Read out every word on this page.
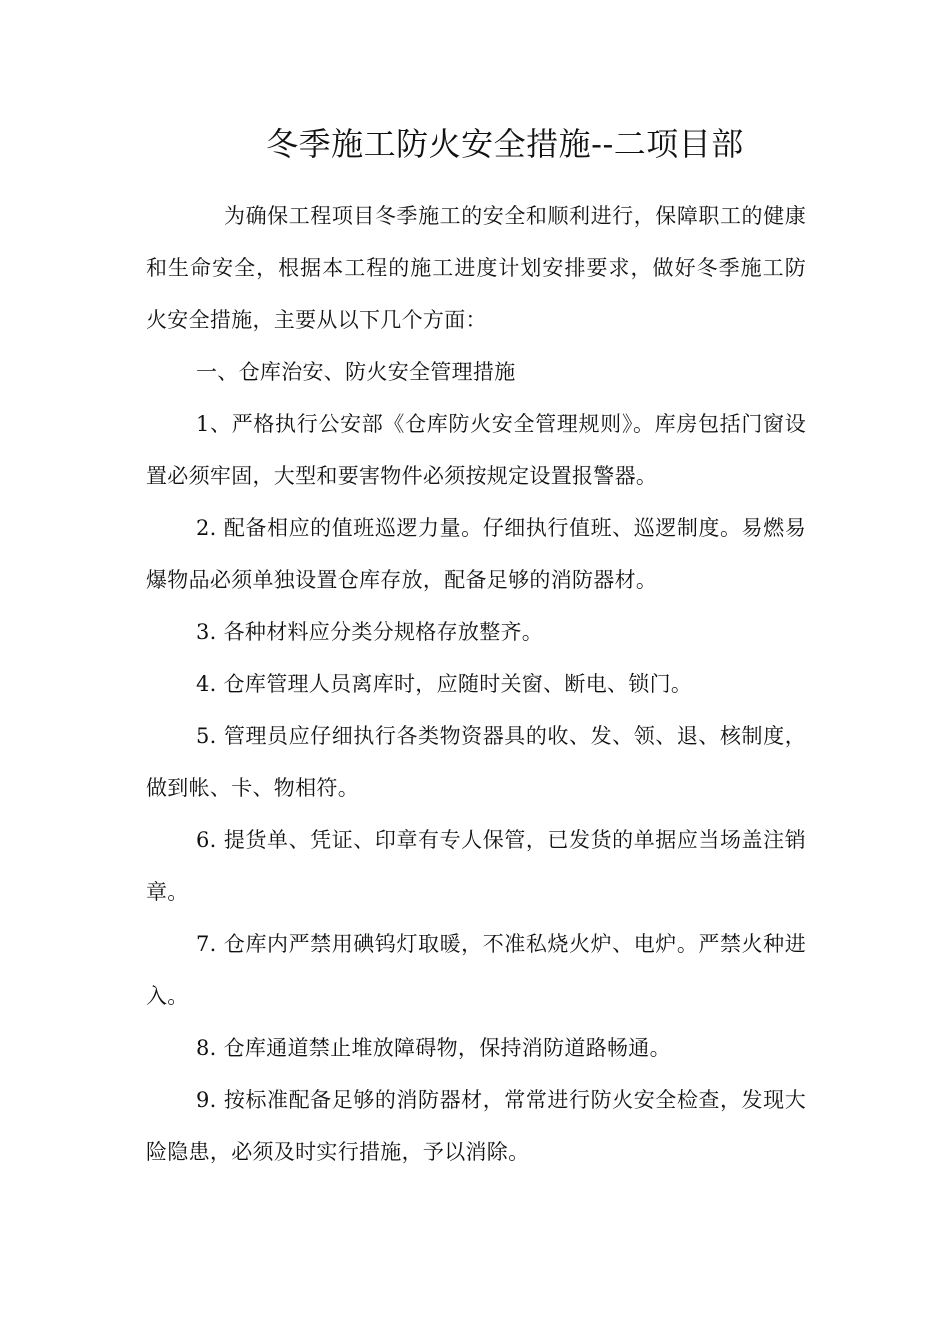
冬季施工防火安全措施--二项目部

为确保工程项目冬季施工的安全和顺利进行，保障职工的健康和生命安全，根据本工程的施工进度计划安排要求，做好冬季施工防火安全措施，主要从以下几个方面：

一、仓库治安、防火安全管理措施

1、严格执行公安部《仓库防火安全管理规则》。库房包括门窗设置必须牢固，大型和要害物件必须按规定设置报警器。

2. 配备相应的值班巡逻力量。仔细执行值班、巡逻制度。易燃易爆物品必须单独设置仓库存放，配备足够的消防器材。

3. 各种材料应分类分规格存放整齐。

4. 仓库管理人员离库时，应随时关窗、断电、锁门。

5. 管理员应仔细执行各类物资器具的收、发、领、退、核制度，做到帐、卡、物相符。

6. 提货单、凭证、印章有专人保管，已发货的单据应当场盖注销章。

7. 仓库内严禁用碘钨灯取暖，不准私烧火炉、电炉。严禁火种进入。

8. 仓库通道禁止堆放障碍物，保持消防道路畅通。

9. 按标准配备足够的消防器材，常常进行防火安全检查，发现大险隐患，必须及时实行措施，予以消除。
